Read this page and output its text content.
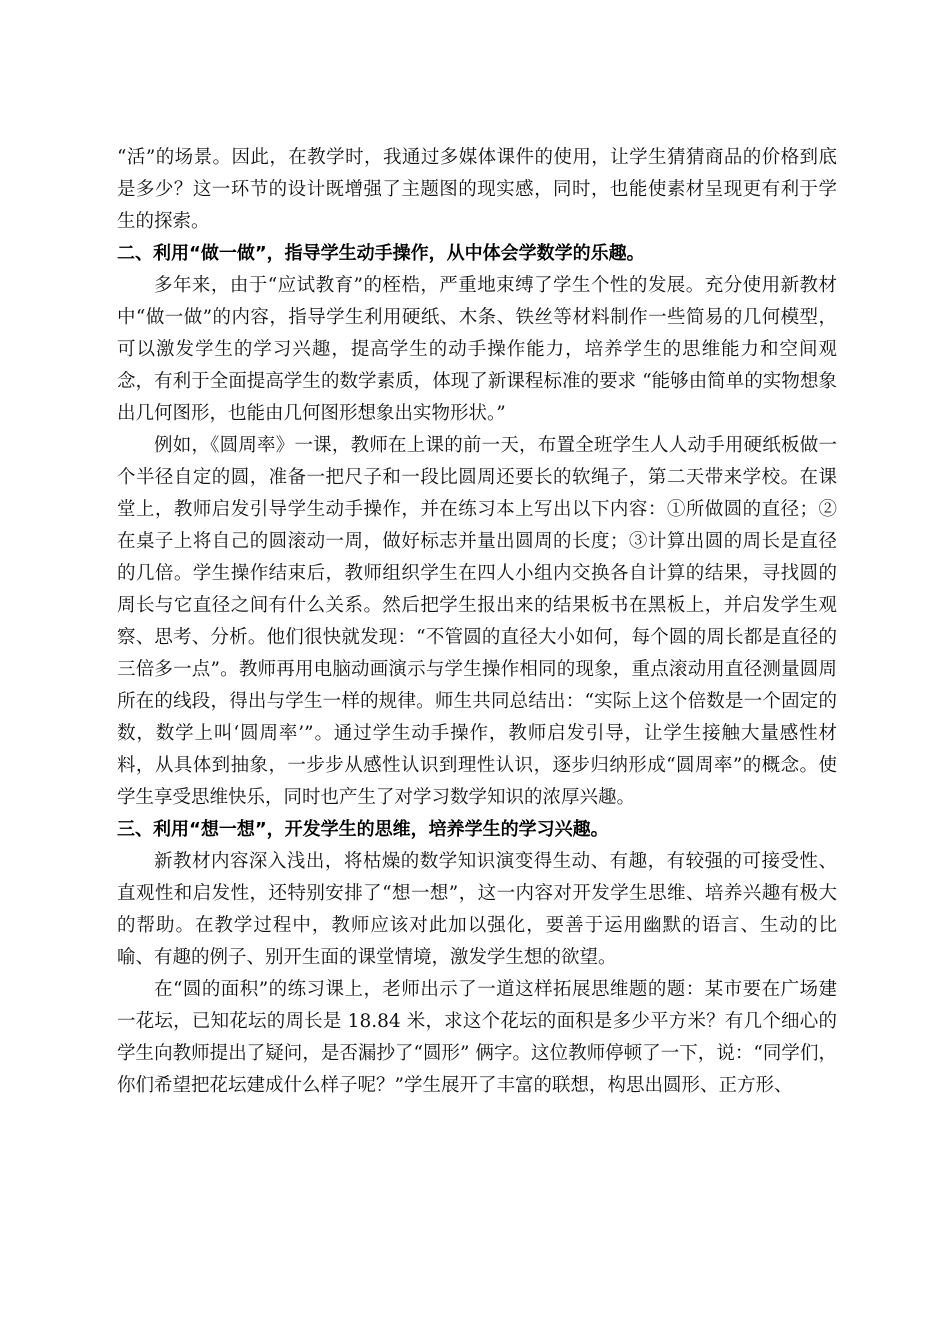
“活”的场景。因此，在教学时，我通过多媒体课件的使用，让学生猜猜商品的价格到底是多少？这一环节的设计既增强了主题图的现实感，同时，也能使素材呈现更有利于学生的探索。

二、利用“做一做”，指导学生动手操作，从中体会学数学的乐趣。

多年来，由于“应试教育”的桎梏，严重地束缚了学生个性的发展。充分使用新教材中“做一做”的内容，指导学生利用硬纸、木条、铁丝等材料制作一些简易的几何模型，可以激发学生的学习兴趣，提高学生的动手操作能力，培养学生的思维能力和空间观念，有利于全面提高学生的数学素质，体现了新课程标准的要求 “能够由简单的实物想象出几何图形，也能由几何图形想象出实物形状。”

例如，《圆周率》一课，教师在上课的前一天，布置全班学生人人动手用硬纸板做一个半径自定的圆，准备一把尺子和一段比圆周还要长的软绳子，第二天带来学校。在课堂上，教师启发引导学生动手操作，并在练习本上写出以下内容：①所做圆的直径；②在桌子上将自己的圆滚动一周，做好标志并量出圆周的长度；③计算出圆的周长是直径的几倍。学生操作结束后，教师组织学生在四人小组内交换各自计算的结果，寻找圆的周长与它直径之间有什么关系。然后把学生报出来的结果板书在黑板上，并启发学生观察、思考、分析。他们很快就发现：“不管圆的直径大小如何，每个圆的周长都是直径的三倍多一点”。教师再用电脑动画演示与学生操作相同的现象，重点滚动用直径测量圆周所在的线段，得出与学生一样的规律。师生共同总结出：“实际上这个倍数是一个固定的数，数学上叫‘圆周率’”。通过学生动手操作，教师启发引导，让学生接触大量感性材料，从具体到抽象，一步步从感性认识到理性认识，逐步归纳形成“圆周率”的概念。使学生享受思维快乐，同时也产生了对学习数学知识的浓厚兴趣。

三、利用“想一想”，开发学生的思维，培养学生的学习兴趣。

新教材内容深入浅出，将枯燥的数学知识演变得生动、有趣，有较强的可接受性、直观性和启发性，还特别安排了“想一想”，这一内容对开发学生思维、培养兴趣有极大的帮助。在教学过程中，教师应该对此加以强化，要善于运用幽默的语言、生动的比喻、有趣的例子、别开生面的课堂情境，激发学生想的欲望。

在“圆的面积”的练习课上，老师出示了一道这样拓展思维题的题：某市要在广场建一花坛，已知花坛的周长是 18.84 米，求这个花坛的面积是多少平方米？有几个细心的学生向教师提出了疑问，是否漏抄了“圆形” 俩字。这位教师停顿了一下，说：“同学们，你们希望把花坛建成什么样子呢？”学生展开了丰富的联想，构思出圆形、正方形、
